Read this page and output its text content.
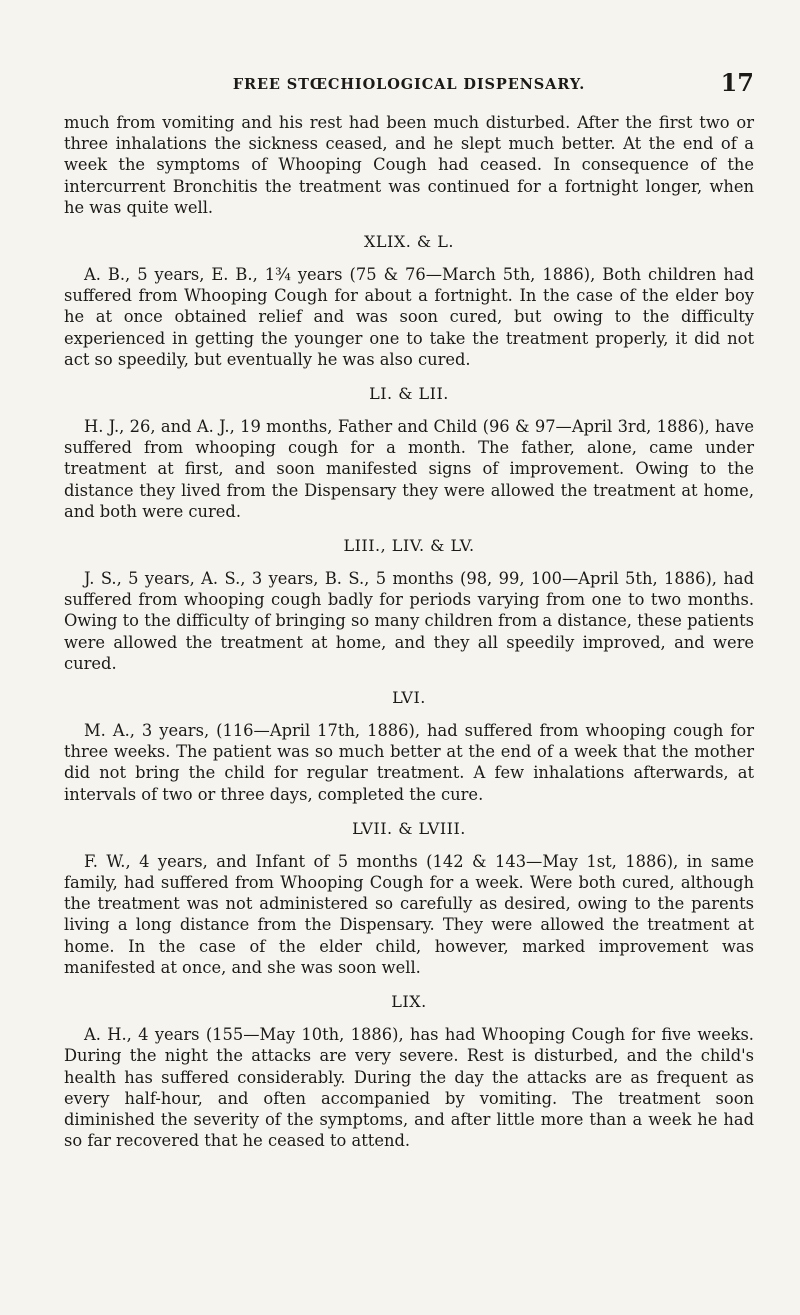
FREE STŒCHIOLOGICAL DISPENSARY.	17

much from vomiting and his rest had been much disturbed. After the first two or three inhalations the sickness ceased, and he slept much better. At the end of a week the symptoms of Whooping Cough had ceased. In consequence of the intercurrent Bronchitis the treatment was continued for a fortnight longer, when he was quite well.

XLIX. & L.

A. B., 5 years, E. B., 1¾ years (75 & 76—March 5th, 1886), Both children had suffered from Whooping Cough for about a fortnight. In the case of the elder boy he at once obtained relief and was soon cured, but owing to the difficulty experienced in getting the younger one to take the treatment properly, it did not act so speedily, but eventually he was also cured.

LI. & LII.

H. J., 26, and A. J., 19 months, Father and Child (96 & 97—April 3rd, 1886), have suffered from whooping cough for a month. The father, alone, came under treatment at first, and soon manifested signs of improvement. Owing to the distance they lived from the Dispensary they were allowed the treatment at home, and both were cured.

LIII., LIV. & LV.

J. S., 5 years, A. S., 3 years, B. S., 5 months (98, 99, 100—April 5th, 1886), had suffered from whooping cough badly for periods varying from one to two months. Owing to the difficulty of bringing so many children from a distance, these patients were allowed the treatment at home, and they all speedily improved, and were cured.

LVI.

M. A., 3 years, (116—April 17th, 1886), had suffered from whooping cough for three weeks. The patient was so much better at the end of a week that the mother did not bring the child for regular treatment. A few inhalations afterwards, at intervals of two or three days, completed the cure.

LVII. & LVIII.

F. W., 4 years, and Infant of 5 months (142 & 143—May 1st, 1886), in same family, had suffered from Whooping Cough for a week. Were both cured, although the treatment was not administered so carefully as desired, owing to the parents living a long distance from the Dispensary. They were allowed the treatment at home. In the case of the elder child, however, marked improvement was manifested at once, and she was soon well.

LIX.

A. H., 4 years (155—May 10th, 1886), has had Whooping Cough for five weeks. During the night the attacks are very severe. Rest is disturbed, and the child's health has suffered considerably. During the day the attacks are as frequent as every half-hour, and often accompanied by vomiting. The treatment soon diminished the severity of the symptoms, and after little more than a week he had so far recovered that he ceased to attend.
